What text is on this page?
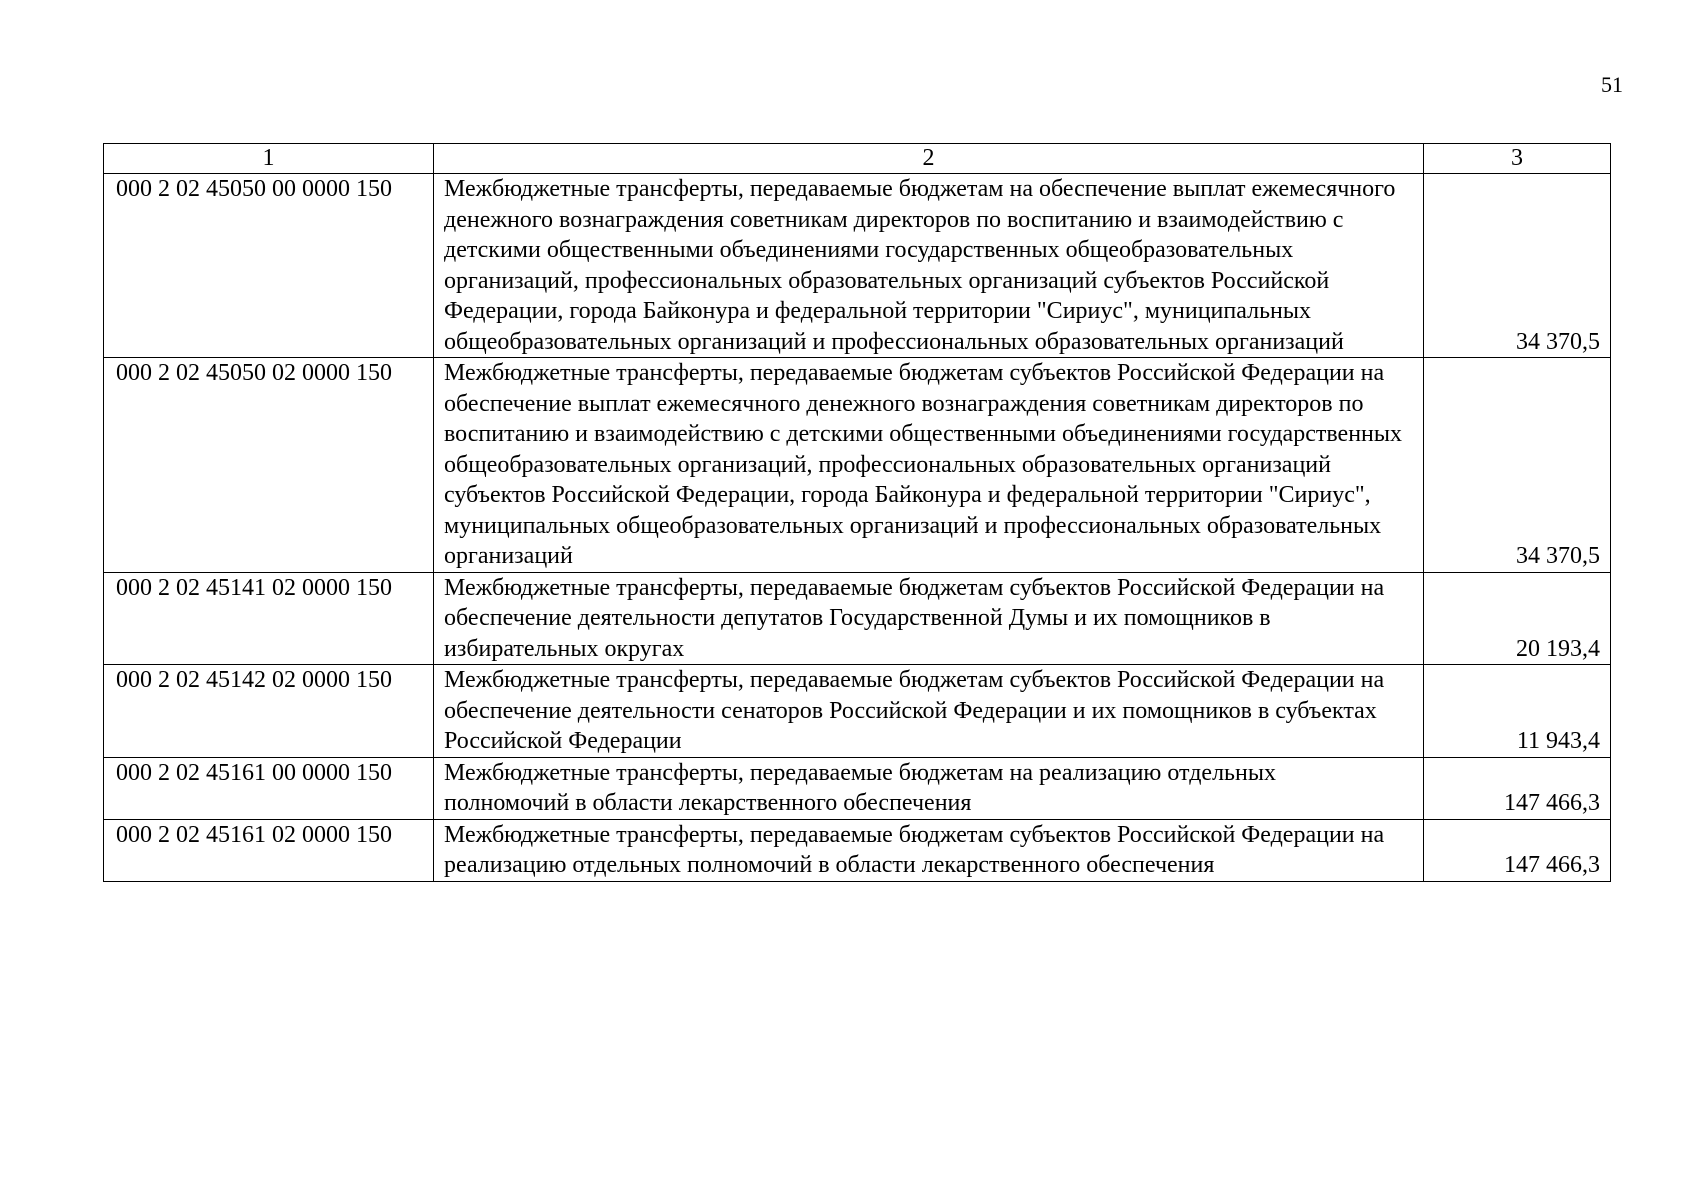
51
1	2	3
000 2 02 45050 00 0000 150	Межбюджетные трансферты, передаваемые бюджетам на обеспечение выплат ежемесячного денежного вознаграждения советникам директоров по воспитанию и взаимодействию с детскими общественными объединениями государственных общеобразовательных организаций, профессиональных образовательных организаций субъектов Российской Федерации, города Байконура и федеральной территории "Сириус", муниципальных общеобразовательных организаций и профессиональных образовательных организаций	34 370,5
000 2 02 45050 02 0000 150	Межбюджетные трансферты, передаваемые бюджетам субъектов Российской Федерации на обеспечение выплат ежемесячного денежного вознаграждения советникам директоров по воспитанию и взаимодействию с детскими общественными объединениями государственных общеобразовательных организаций, профессиональных образовательных организаций субъектов Российской Федерации, города Байконура и федеральной территории "Сириус", муниципальных общеобразовательных организаций и профессиональных образовательных организаций	34 370,5
000 2 02 45141 02 0000 150	Межбюджетные трансферты, передаваемые бюджетам субъектов Российской Федерации на обеспечение деятельности депутатов Государственной Думы и их помощников в избирательных округах	20 193,4
000 2 02 45142 02 0000 150	Межбюджетные трансферты, передаваемые бюджетам субъектов Российской Федерации на обеспечение деятельности сенаторов Российской Федерации и их помощников в субъектах Российской Федерации	11 943,4
000 2 02 45161 00 0000 150	Межбюджетные трансферты, передаваемые бюджетам на реализацию отдельных полномочий в области лекарственного обеспечения	147 466,3
000 2 02 45161 02 0000 150	Межбюджетные трансферты, передаваемые бюджетам субъектов Российской Федерации на реализацию отдельных полномочий в области лекарственного обеспечения	147 466,3
